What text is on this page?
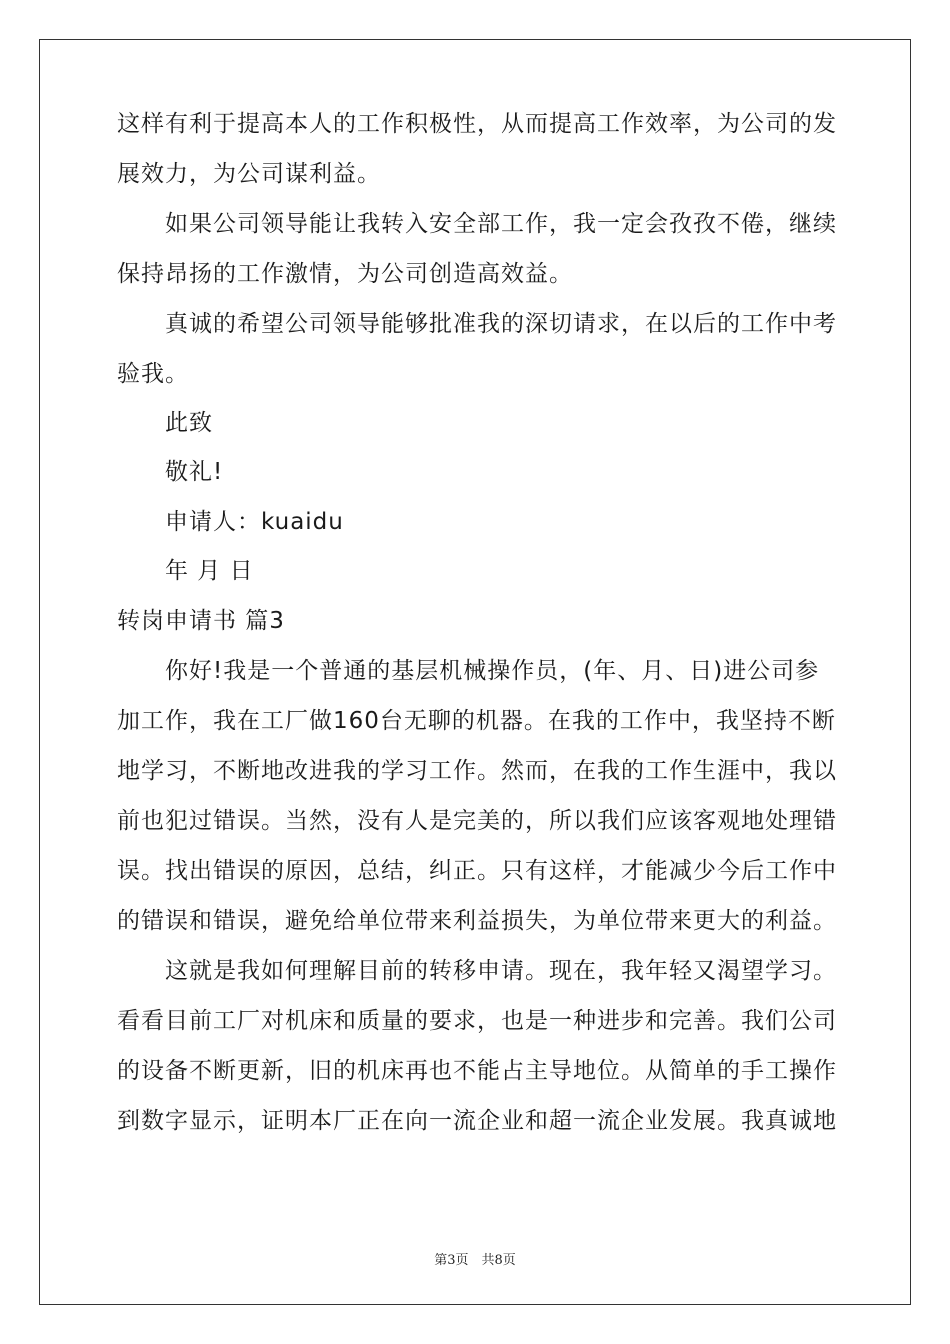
这样有利于提高本人的工作积极性，从而提高工作效率，为公司的发
展效力，为公司谋利益。
如果公司领导能让我转入安全部工作，我一定会孜孜不倦，继续
保持昂扬的工作激情，为公司创造高效益。
真诚的希望公司领导能够批准我的深切请求，在以后的工作中考
验我。
此致
敬礼!
申请人：kuaidu
年 月 日
转岗申请书 篇3
你好!我是一个普通的基层机械操作员，(年、月、日)进公司参
加工作，我在工厂做160台无聊的机器。在我的工作中，我坚持不断
地学习，不断地改进我的学习工作。然而，在我的工作生涯中，我以
前也犯过错误。当然，没有人是完美的，所以我们应该客观地处理错
误。找出错误的原因，总结，纠正。只有这样，才能减少今后工作中
的错误和错误，避免给单位带来利益损失，为单位带来更大的利益。
这就是我如何理解目前的转移申请。现在，我年轻又渴望学习。
看看目前工厂对机床和质量的要求，也是一种进步和完善。我们公司
的设备不断更新，旧的机床再也不能占主导地位。从简单的手工操作
到数字显示，证明本厂正在向一流企业和超一流企业发展。我真诚地
第3页　共8页
